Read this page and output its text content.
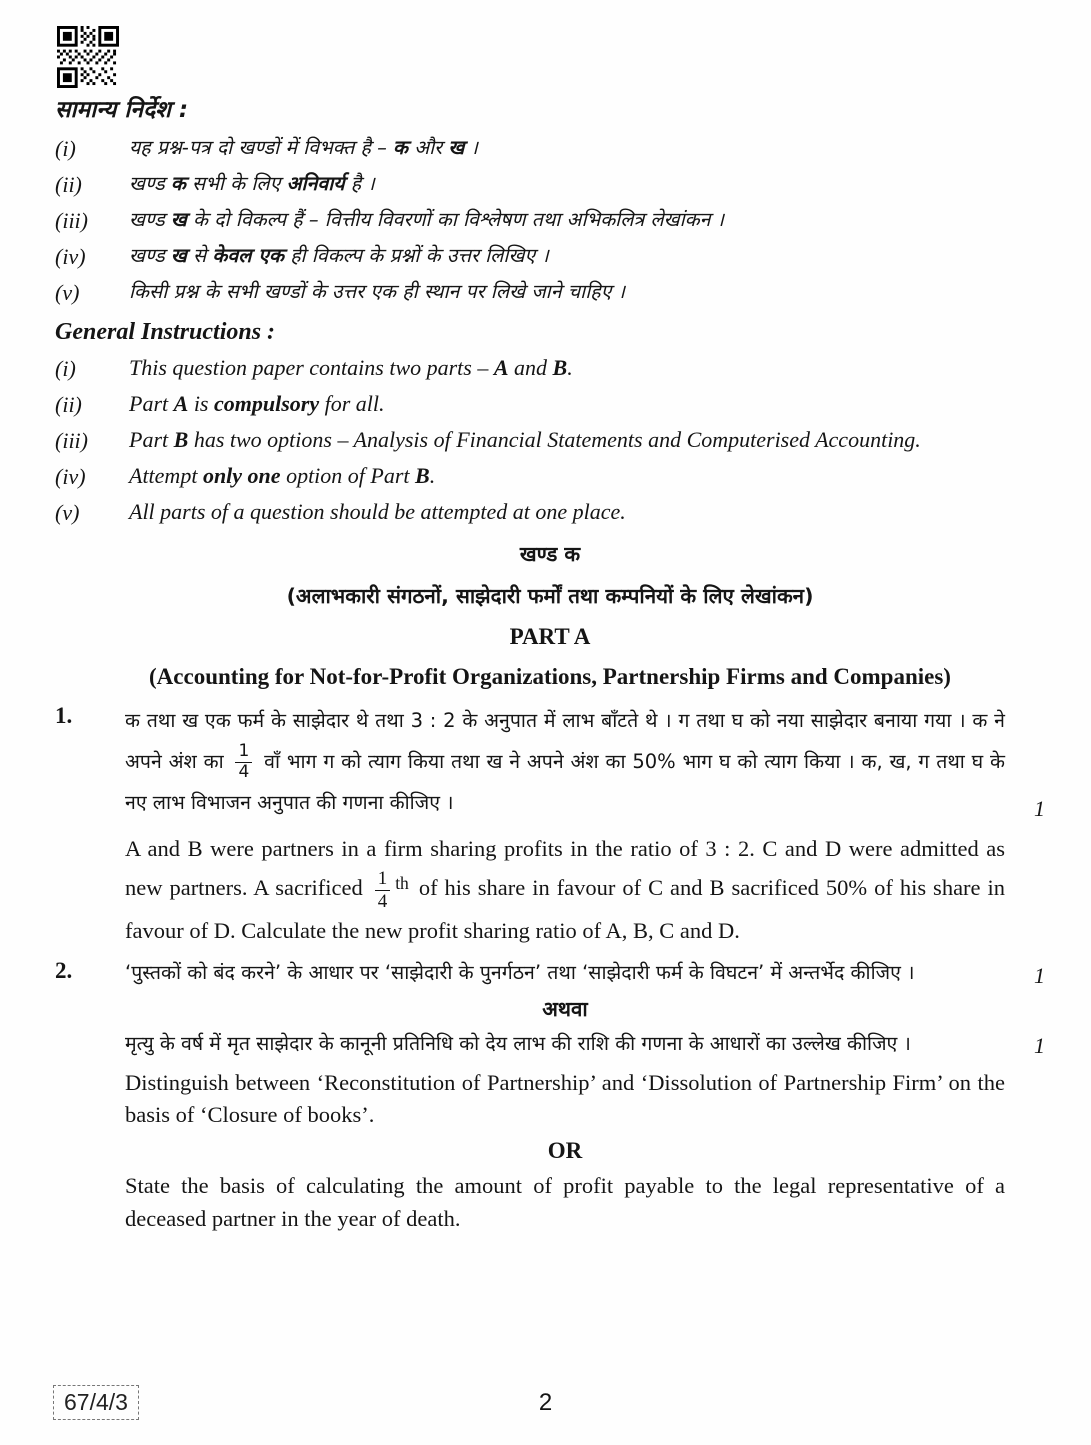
सामान्य निर्देश :
(i)	यह प्रश्न-पत्र दो खण्डों में विभक्त है – क और ख ।
(ii)	खण्ड क सभी के लिए अनिवार्य है ।
(iii)	खण्ड ख के दो विकल्प हैं – वित्तीय विवरणों का विश्लेषण तथा अभिकलित्र लेखांकन ।
(iv)	खण्ड ख से केवल एक ही विकल्प के प्रश्नों के उत्तर लिखिए ।
(v)	किसी प्रश्न के सभी खण्डों के उत्तर एक ही स्थान पर लिखे जाने चाहिए ।
General Instructions :
(i)	This question paper contains two parts – A and B.
(ii)	Part A is compulsory for all.
(iii)	Part B has two options – Analysis of Financial Statements and Computerised Accounting.
(iv)	Attempt only one option of Part B.
(v)	All parts of a question should be attempted at one place.
खण्ड क
(अलाभकारी संगठनों, साझेदारी फर्मों तथा कम्पनियों के लिए लेखांकन)
PART A
(Accounting for Not-for-Profit Organizations, Partnership Firms and Companies)
1.	क तथा ख एक फर्म के साझेदार थे तथा 3 : 2 के अनुपात में लाभ बाँटते थे । ग तथा घ को नया साझेदार बनाया गया । क ने अपने अंश का $\frac{1}{4}$ वाँ भाग ग को त्याग किया तथा ख ने अपने अंश का 50% भाग घ को त्याग किया । क, ख, ग तथा घ के नए लाभ विभाजन अनुपात की गणना कीजिए ।	1
A and B were partners in a firm sharing profits in the ratio of 3 : 2. C and D were admitted as new partners. A sacrificed $\frac{1}{4} ^{th}$ of his share in favour of C and B sacrificed 50% of his share in favour of D. Calculate the new profit sharing ratio of A, B, C and D.
2.	‘पुस्तकों को बंद करने’ के आधार पर ‘साझेदारी के पुनर्गठन’ तथा ‘साझेदारी फर्म के विघटन’ में अन्तर्भेद कीजिए ।	1
अथवा
मृत्यु के वर्ष में मृत साझेदार के कानूनी प्रतिनिधि को देय लाभ की राशि की गणना के आधारों का उल्लेख कीजिए ।	1
Distinguish between ‘Reconstitution of Partnership’ and ‘Dissolution of Partnership Firm’ on the basis of ‘Closure of books’.
OR
State the basis of calculating the amount of profit payable to the legal representative of a deceased partner in the year of death.
67/4/3	2
